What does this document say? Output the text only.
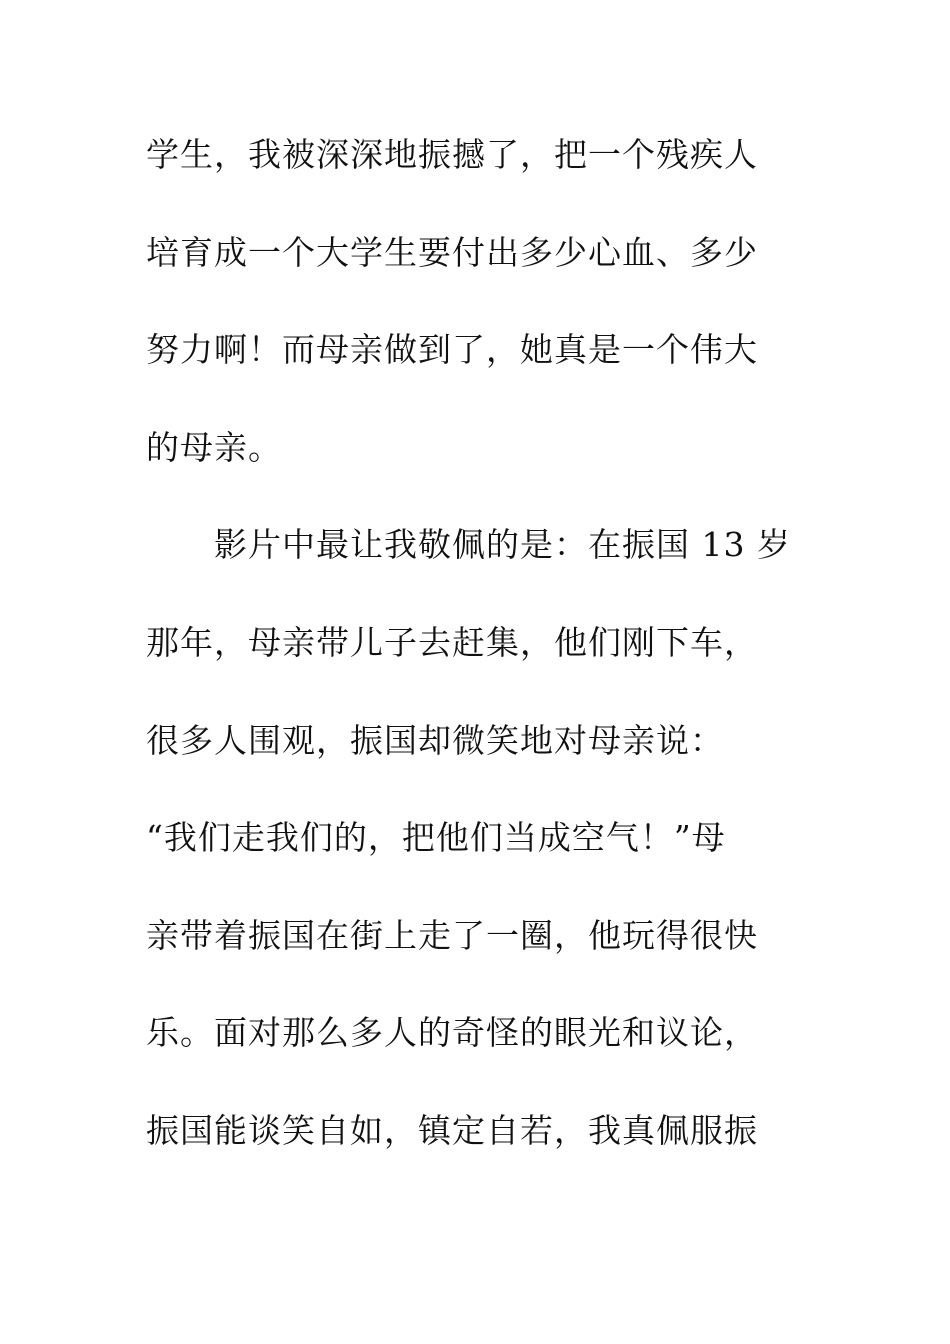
学生，我被深深地振撼了，把一个残疾人
培育成一个大学生要付出多少心血、多少
努力啊！而母亲做到了，她真是一个伟大
的母亲。
影片中最让我敬佩的是：在振国 13 岁
那年，母亲带儿子去赶集，他们刚下车，
很多人围观，振国却微笑地对母亲说：
“我们走我们的，把他们当成空气！”母
亲带着振国在街上走了一圈，他玩得很快
乐。面对那么多人的奇怪的眼光和议论，
振国能谈笑自如，镇定自若，我真佩服振
